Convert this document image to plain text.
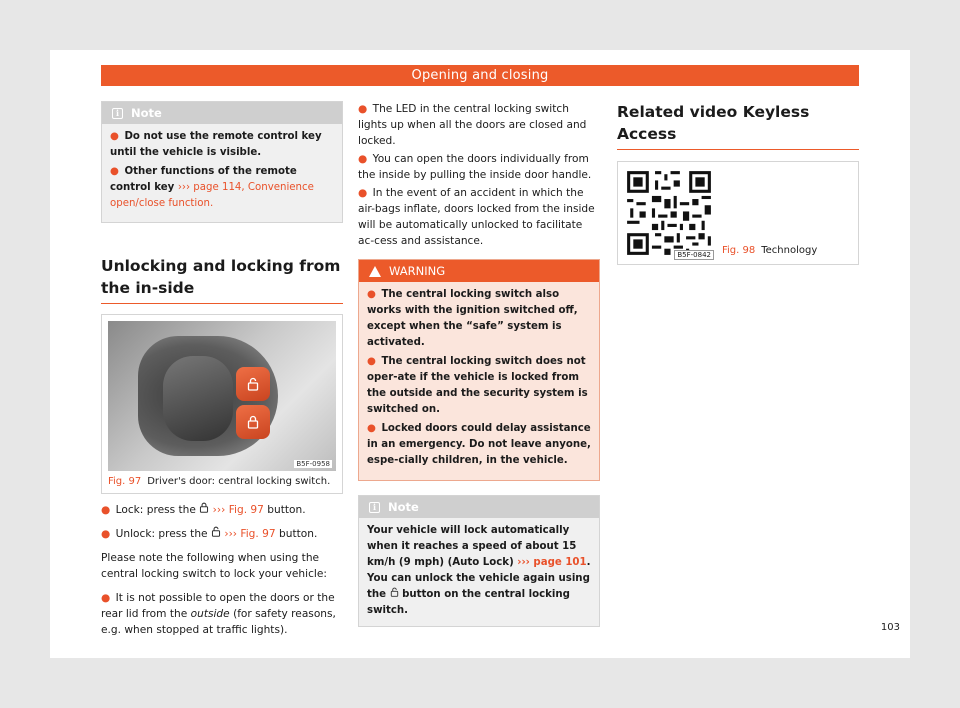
Opening and closing
i	Note

● Do not use the remote control key until the vehicle is visible.

● Other functions of the remote control key ››› page 114, Convenience open/close function.

Unlocking and locking from the in-side
B5F-0958
Fig. 97 Driver's door: central locking switch.

● Lock: press the ››› Fig. 97 button.

● Unlock: press the ››› Fig. 97 button.

Please note the following when using the central locking switch to lock your vehicle:

● It is not possible to open the doors or the rear lid from the outside (for safety reasons, e.g. when stopped at traffic lights).

● The LED in the central locking switch lights up when all the doors are closed and locked.

● You can open the doors individually from the inside by pulling the inside door handle.

● In the event of an accident in which the air-bags inflate, doors locked from the inside will be automatically unlocked to facilitate ac-cess and assistance.

WARNING

● The central locking switch also works with the ignition switched off, except when the “safe” system is activated.

● The central locking switch does not oper-ate if the vehicle is locked from the outside and the security system is switched on.

● Locked doors could delay assistance in an emergency. Do not leave anyone, espe-cially children, in the vehicle.

i	Note
Your vehicle will lock automatically when it reaches a speed of about 15 km/h (9 mph) (Auto Lock) ››› page 101. You can unlock the vehicle again using the button on the central locking switch.
Related video Keyless Access
B5F-0842	Fig. 98 Technology
103
